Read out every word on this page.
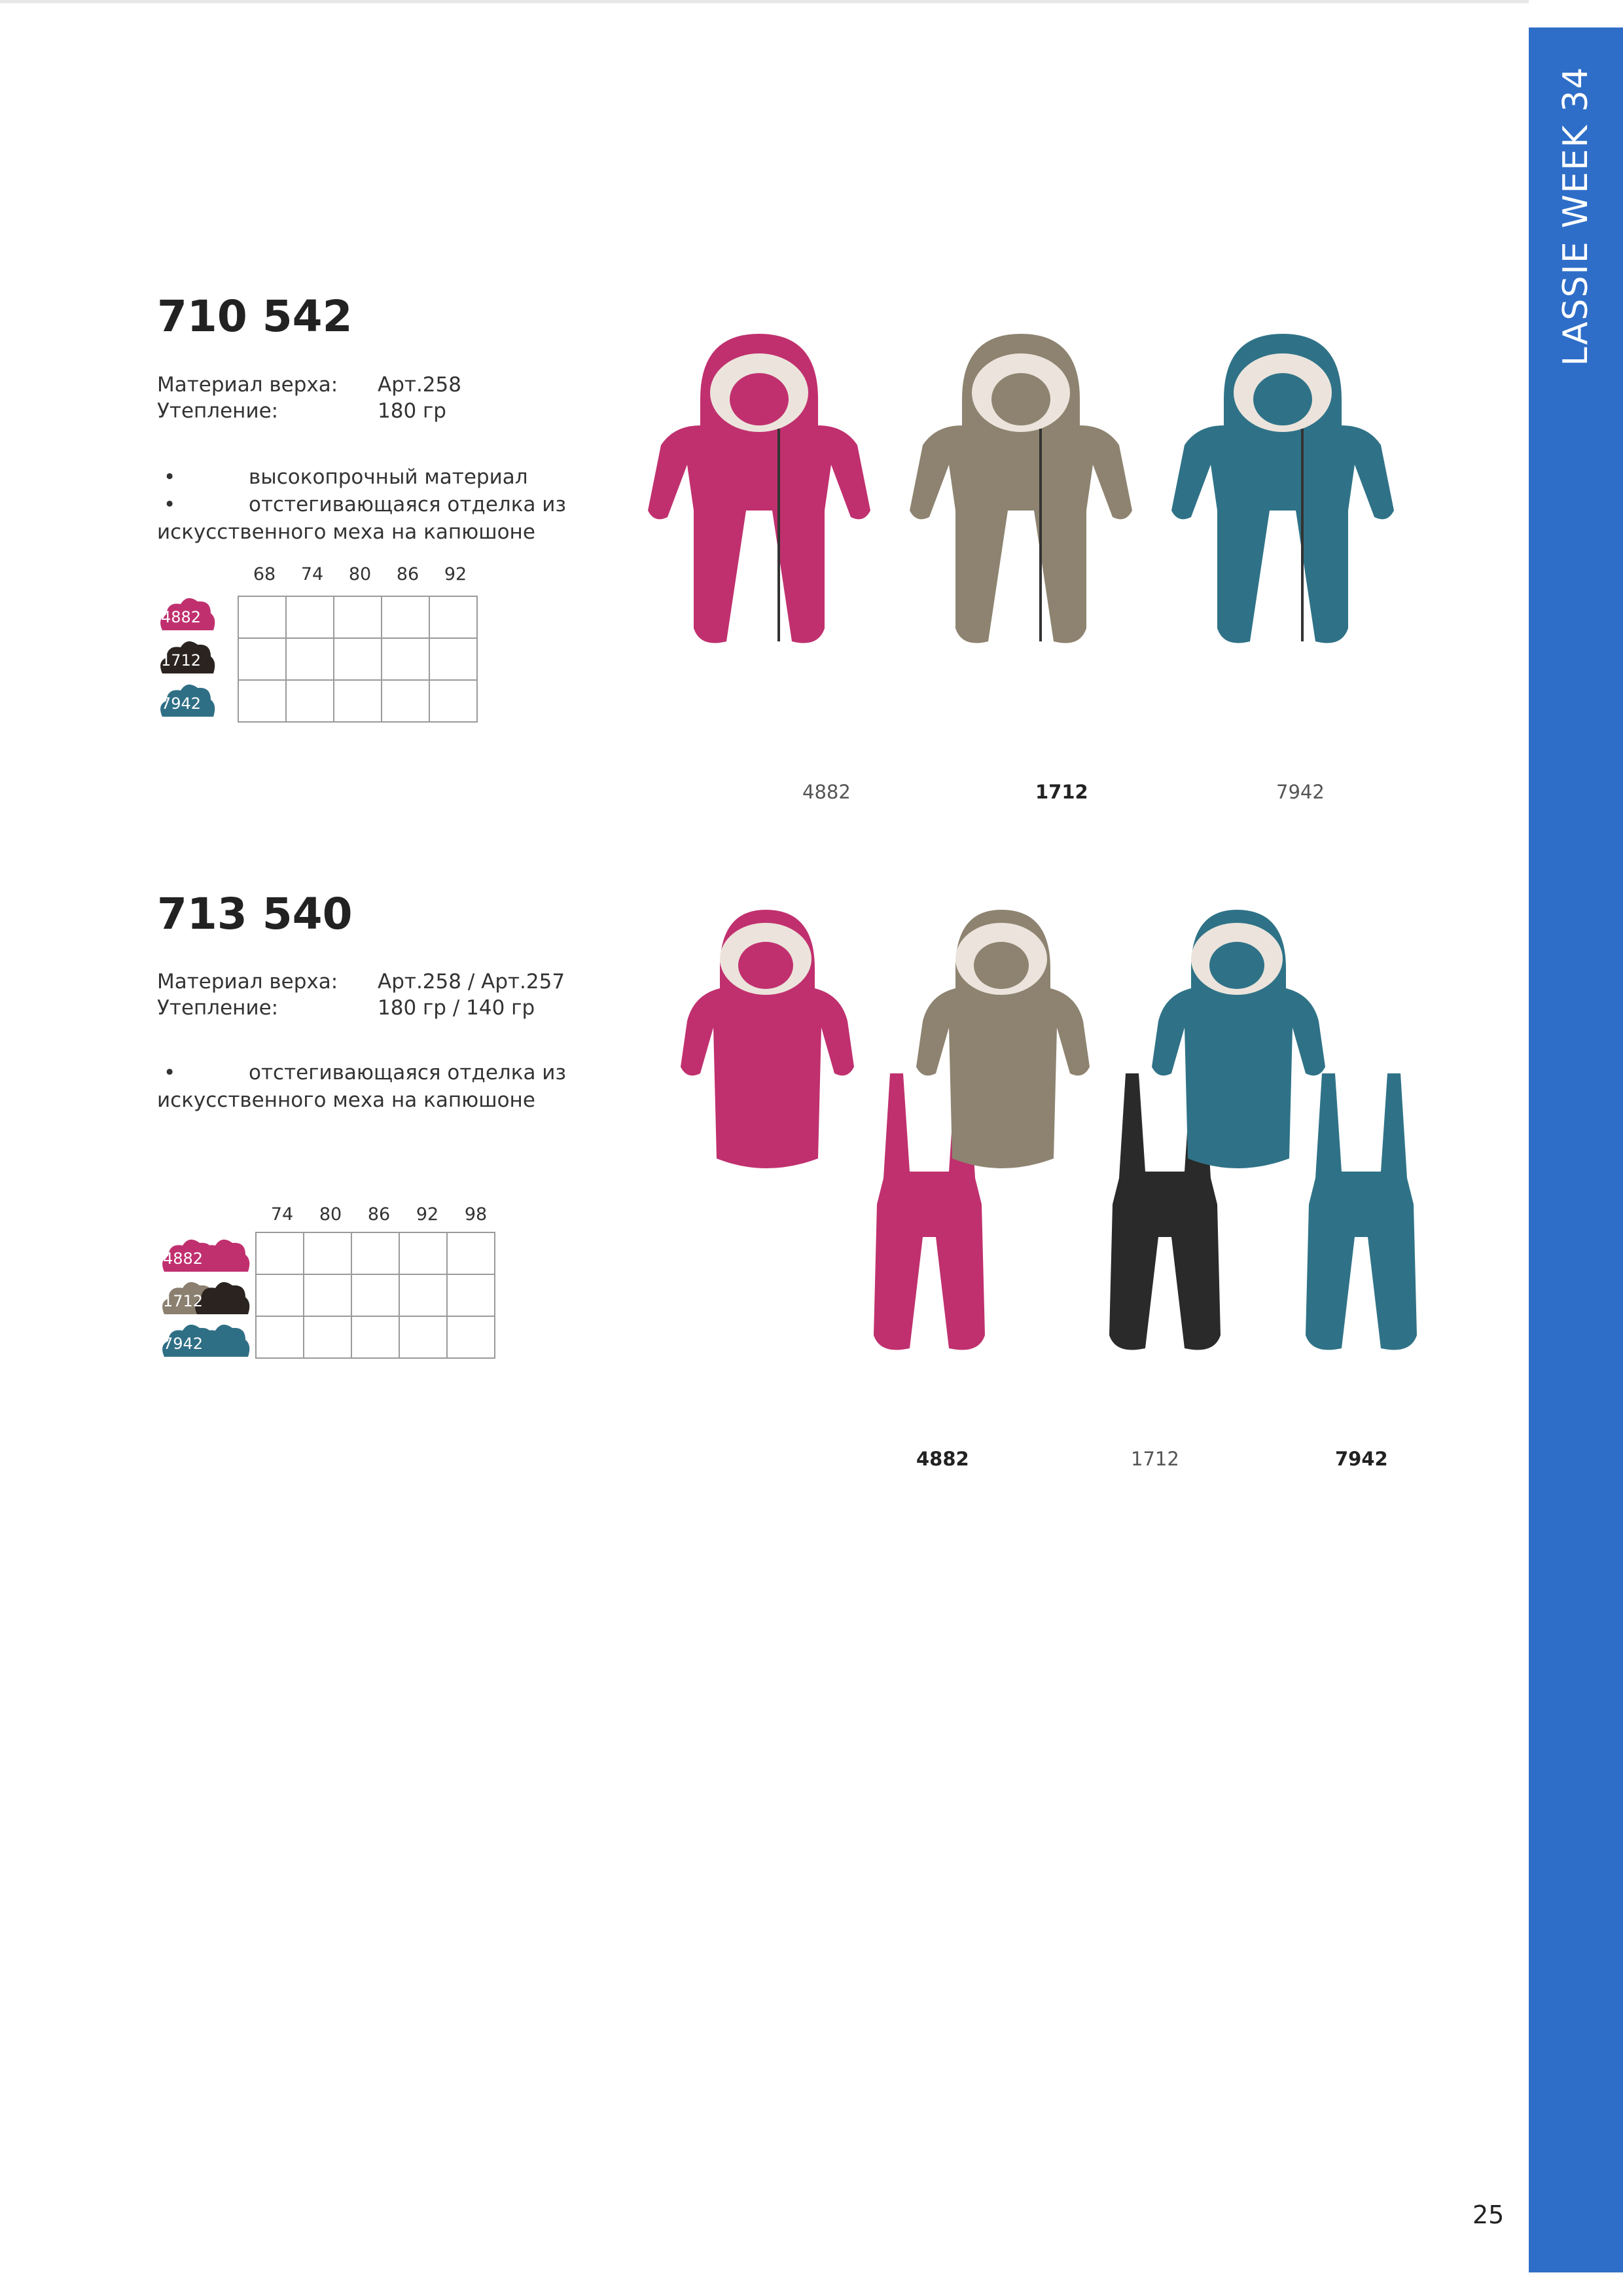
LASSIE WEEK 34
710 542
Материал верха: Арт.258
Утепление:	180 гр
•	высокопрочный материал
•	отстегивающаяся отделка из
искусственного меха на капюшоне
68	74	80	86	92

4882
1712
7942
4882	1712	7942
713 540
Материал верха: Арт.258 / Арт.257
Утепление:	180 гр / 140 гр
•	отстегивающаяся отделка из
искусственного меха на капюшоне
74	80	86	92	98

4882
1712
7942
4882	1712	7942
25
